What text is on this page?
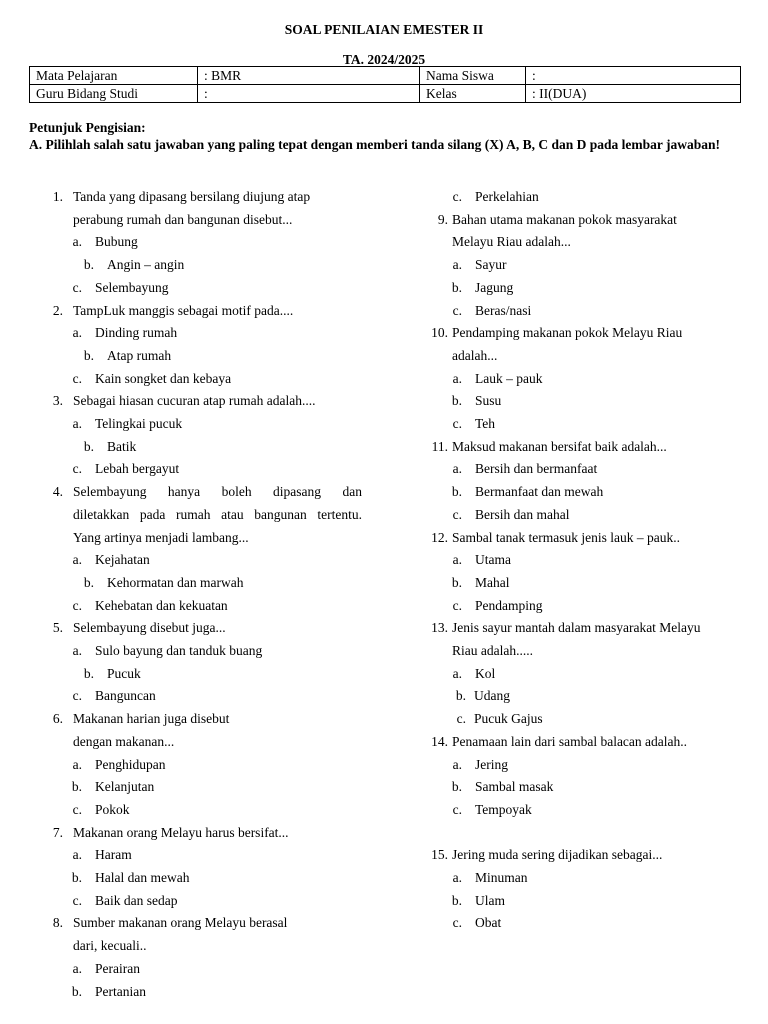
SOAL PENILAIAN EMESTER II
TA. 2024/2025
Mata Pelajaran	: BMR	Nama Siswa	:
Guru Bidang Studi	:	Kelas	: II(DUA)
Petunjuk Pengisian:
A. Pilihlah salah satu jawaban yang paling tepat dengan memberi tanda silang (X) A, B, C dan D pada lembar jawaban!
1. Tanda yang dipasang bersilang diujung atap
perabung rumah dan bangunan disebut...
a. Bubung
b. Angin – angin
c. Selembayung
2. TampLuk manggis sebagai motif pada....
a. Dinding rumah
b. Atap rumah
c. Kain songket dan kebaya
3. Sebagai hiasan cucuran atap rumah adalah....
a. Telingkai pucuk
b. Batik
c. Lebah bergayut
4. Selembayung    hanya    boleh    dipasang    dan
diletakkan pada rumah atau bangunan tertentu.
Yang artinya menjadi lambang...
a. Kejahatan
b. Kehormatan dan marwah
c. Kehebatan dan kekuatan
5. Selembayung disebut juga...
a. Sulo bayung dan tanduk buang
b. Pucuk
c. Banguncan
6. Makanan harian juga disebut
dengan makanan...
a. Penghidupan
b. Kelanjutan
c. Pokok
7. Makanan orang Melayu harus bersifat...
a. Haram
b. Halal dan mewah
c. Baik dan sedap
8. Sumber makanan orang Melayu berasal
dari, kecuali..
a. Perairan
b. Pertanian
c. Perkelahian
9. Bahan utama makanan pokok masyarakat
Melayu Riau adalah...
a. Sayur
b. Jagung
c. Beras/nasi
10. Pendamping makanan pokok Melayu Riau
adalah...
a. Lauk – pauk
b. Susu
c. Teh
11. Maksud makanan bersifat baik adalah...
a. Bersih dan bermanfaat
b. Bermanfaat dan mewah
c. Bersih dan mahal
12. Sambal tanak termasuk jenis lauk – pauk..
a. Utama
b. Mahal
c. Pendamping
13. Jenis sayur mantah dalam masyarakat Melayu
Riau adalah.....
a. Kol
b. Udang
c. Pucuk Gajus
14. Penamaan lain dari sambal balacan adalah..
a. Jering
b. Sambal masak
c. Tempoyak
15. Jering muda sering dijadikan sebagai...
a. Minuman
b. Ulam
c. Obat
